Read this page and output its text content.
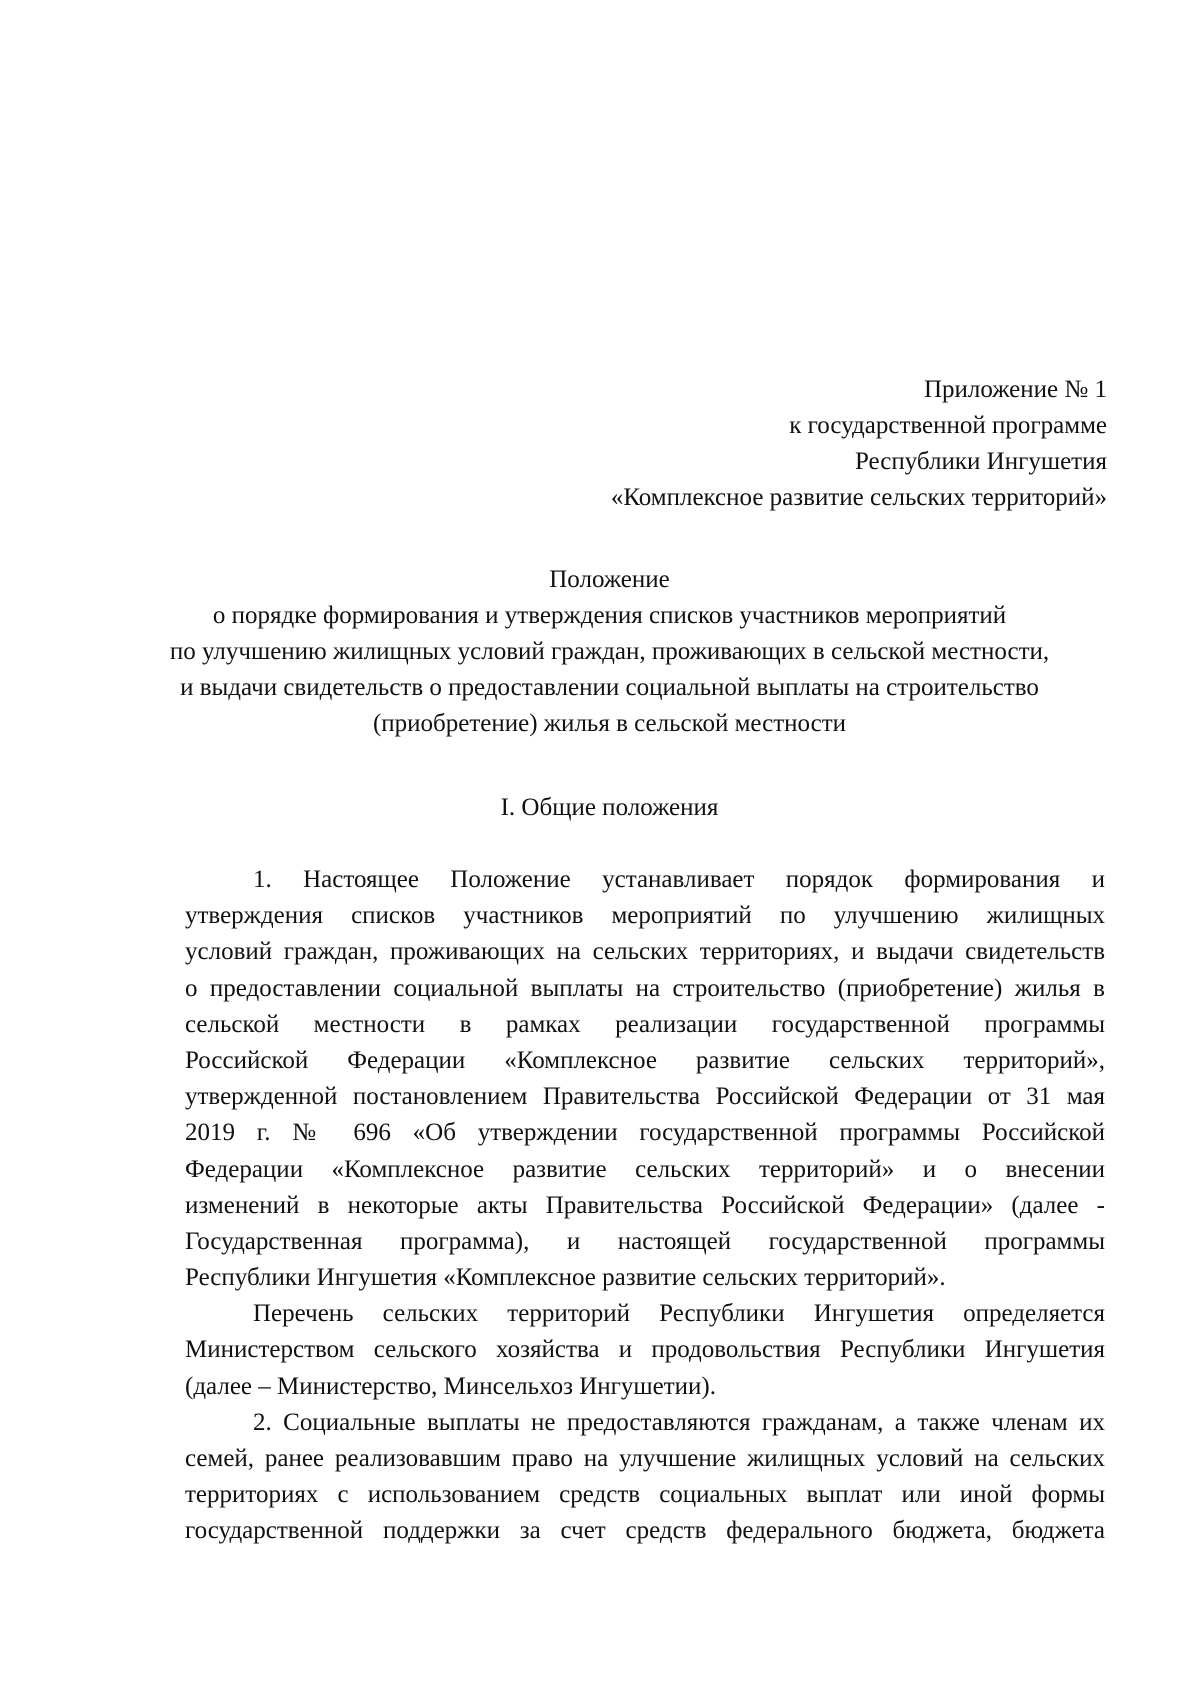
Приложение № 1
к государственной программе
Республики Ингушетия
«Комплексное развитие сельских территорий»
Положение
о порядке формирования и утверждения списков участников мероприятий
по улучшению жилищных условий граждан, проживающих в сельской местности,
и выдачи свидетельств о предоставлении социальной выплаты на строительство
(приобретение) жилья в сельской местности
I. Общие положения
1. Настоящее Положение устанавливает порядок формирования и
утверждения списков участников мероприятий по улучшению жилищных
условий граждан, проживающих на сельских территориях, и выдачи свидетельств
о предоставлении социальной выплаты на строительство (приобретение) жилья в
сельской местности в рамках реализации государственной программы
Российской Федерации «Комплексное развитие сельских территорий»,
утвержденной постановлением Правительства Российской Федерации от 31 мая
2019 г. № 696 «Об утверждении государственной программы Российской
Федерации «Комплексное развитие сельских территорий» и о внесении
изменений в некоторые акты Правительства Российской Федерации» (далее -
Государственная программа), и настоящей государственной программы
Республики Ингушетия «Комплексное развитие сельских территорий».
Перечень сельских территорий Республики Ингушетия определяется
Министерством сельского хозяйства и продовольствия Республики Ингушетия
(далее – Министерство, Минсельхоз Ингушетии).
2. Социальные выплаты не предоставляются гражданам, а также членам их
семей, ранее реализовавшим право на улучшение жилищных условий на сельских
территориях с использованием средств социальных выплат или иной формы
государственной поддержки за счет средств федерального бюджета, бюджета
